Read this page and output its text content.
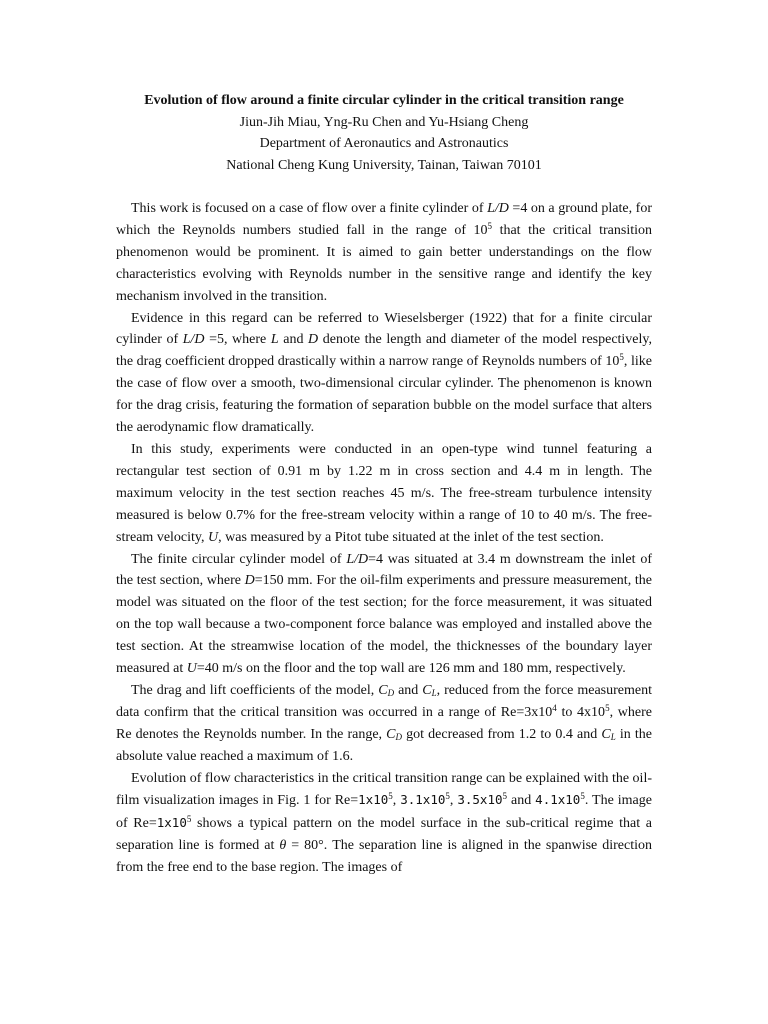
Evolution of flow around a finite circular cylinder in the critical transition range
Jiun-Jih Miau, Yng-Ru Chen and Yu-Hsiang Cheng
Department of Aeronautics and Astronautics
National Cheng Kung University, Tainan, Taiwan 70101

This work is focused on a case of flow over a finite cylinder of L/D =4 on a ground plate, for which the Reynolds numbers studied fall in the range of $10^5$ that the critical transition phenomenon would be prominent. It is aimed to gain better understandings on the flow characteristics evolving with Reynolds number in the sensitive range and identify the key mechanism involved in the transition.

Evidence in this regard can be referred to Wieselsberger (1922) that for a finite circular cylinder of L/D =5, where L and D denote the length and diameter of the model respectively, the drag coefficient dropped drastically within a narrow range of Reynolds numbers of $10^5$, like the case of flow over a smooth, two-dimensional circular cylinder. The phenomenon is known for the drag crisis, featuring the formation of separation bubble on the model surface that alters the aerodynamic flow dramatically.

In this study, experiments were conducted in an open-type wind tunnel featuring a rectangular test section of 0.91 m by 1.22 m in cross section and 4.4 m in length. The maximum velocity in the test section reaches 45 m/s. The free-stream turbulence intensity measured is below 0.7% for the free-stream velocity within a range of 10 to 40 m/s. The free-stream velocity, U, was measured by a Pitot tube situated at the inlet of the test section.

The finite circular cylinder model of L/D=4 was situated at 3.4 m downstream the inlet of the test section, where D=150 mm. For the oil-film experiments and pressure measurement, the model was situated on the floor of the test section; for the force measurement, it was situated on the top wall because a two-component force balance was employed and installed above the test section. At the streamwise location of the model, the thicknesses of the boundary layer measured at U=40 m/s on the floor and the top wall are 126 mm and 180 mm, respectively.

The drag and lift coefficients of the model, $C_D$ and $C_L$, reduced from the force measurement data confirm that the critical transition was occurred in a range of $Re=3x10^4$ to $4x10^5$, where Re denotes the Reynolds number. In the range, $C_D$ got decreased from 1.2 to 0.4 and $C_L$ in the absolute value reached a maximum of 1.6.

Evolution of flow characteristics in the critical transition range can be explained with the oil-film visualization images in Fig. 1 for $Re=1x10^5$, $3.1x10^5$, $3.5x10^5$ and $4.1x10^5$. The image of $Re=1x10^5$ shows a typical pattern on the model surface in the sub-critical regime that a separation line is formed at θ = 80°. The separation line is aligned in the spanwise direction from the free end to the base region. The images of
